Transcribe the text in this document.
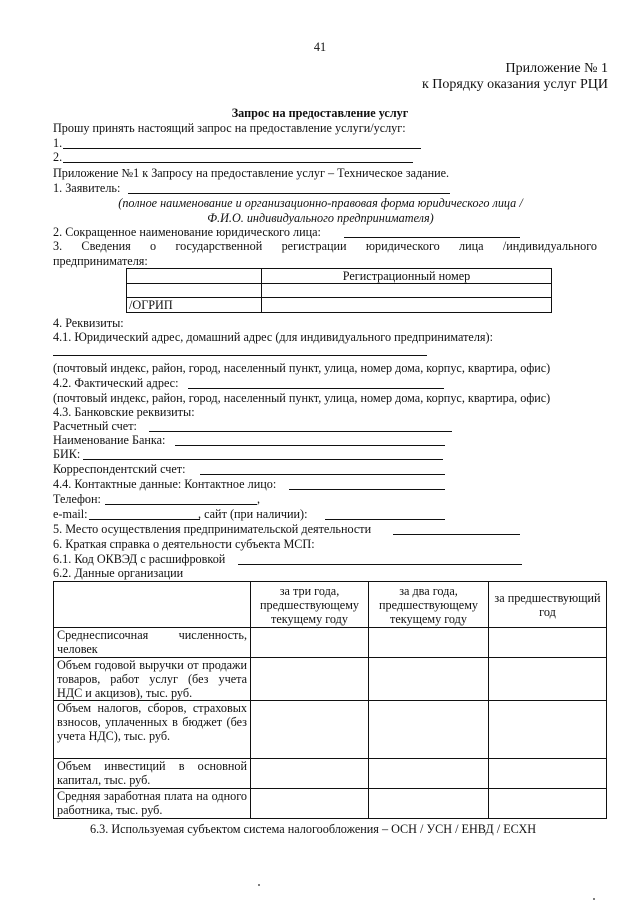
41
Приложение № 1
к Порядку оказания услуг РЦИ
Запрос на предоставление услуг
Прошу принять настоящий запрос на предоставление услуги/услуг:
1.
2.
Приложение №1 к Запросу на предоставление услуг – Техническое задание.
1. Заявитель:
(полное наименование и организационно-правовая форма юридического лица /
Ф.И.О. индивидуального предпринимателя)
2. Сокращенное наименование юридического лица:
3. Сведения о государственной регистрации юридического лица /индивидуального
предпринимателя:
	Регистрационный номер

/ОГРИП	
4. Реквизиты:
4.1. Юридический адрес, домашний адрес (для индивидуального предпринимателя):
(почтовый индекс, район, город, населенный пункт, улица, номер дома, корпус, квартира, офис)
4.2. Фактический адрес:
(почтовый индекс, район, город, населенный пункт, улица, номер дома, корпус, квартира, офис)
4.3. Банковские реквизиты:
Расчетный счет:
Наименование Банка:
БИК:
Корреспондентский счет:
4.4. Контактные данные: Контактное лицо:
Телефон:	,
e-mail:	, сайт (при наличии):
5. Место осуществления предпринимательской деятельности
6. Краткая справка о деятельности субъекта МСП:
6.1. Код ОКВЭД с расшифровкой
6.2. Данные организации
	за три года, предшествующему текущему году	за два года, предшествующему текущему году	за предшествующий год
Среднесписочная численность, человек			
Объем годовой выручки от продажи товаров, работ услуг (без учета НДС и акцизов), тыс. руб.			
Объем налогов, сборов, страховых взносов, уплаченных в бюджет (без учета НДС), тыс. руб.			
Объем инвестиций в основной капитал, тыс. руб.			
Средняя заработная плата на одного работника, тыс. руб.			
6.3. Используемая субъектом система налогообложения – ОСН / УСН / ЕНВД / ЕСХН
